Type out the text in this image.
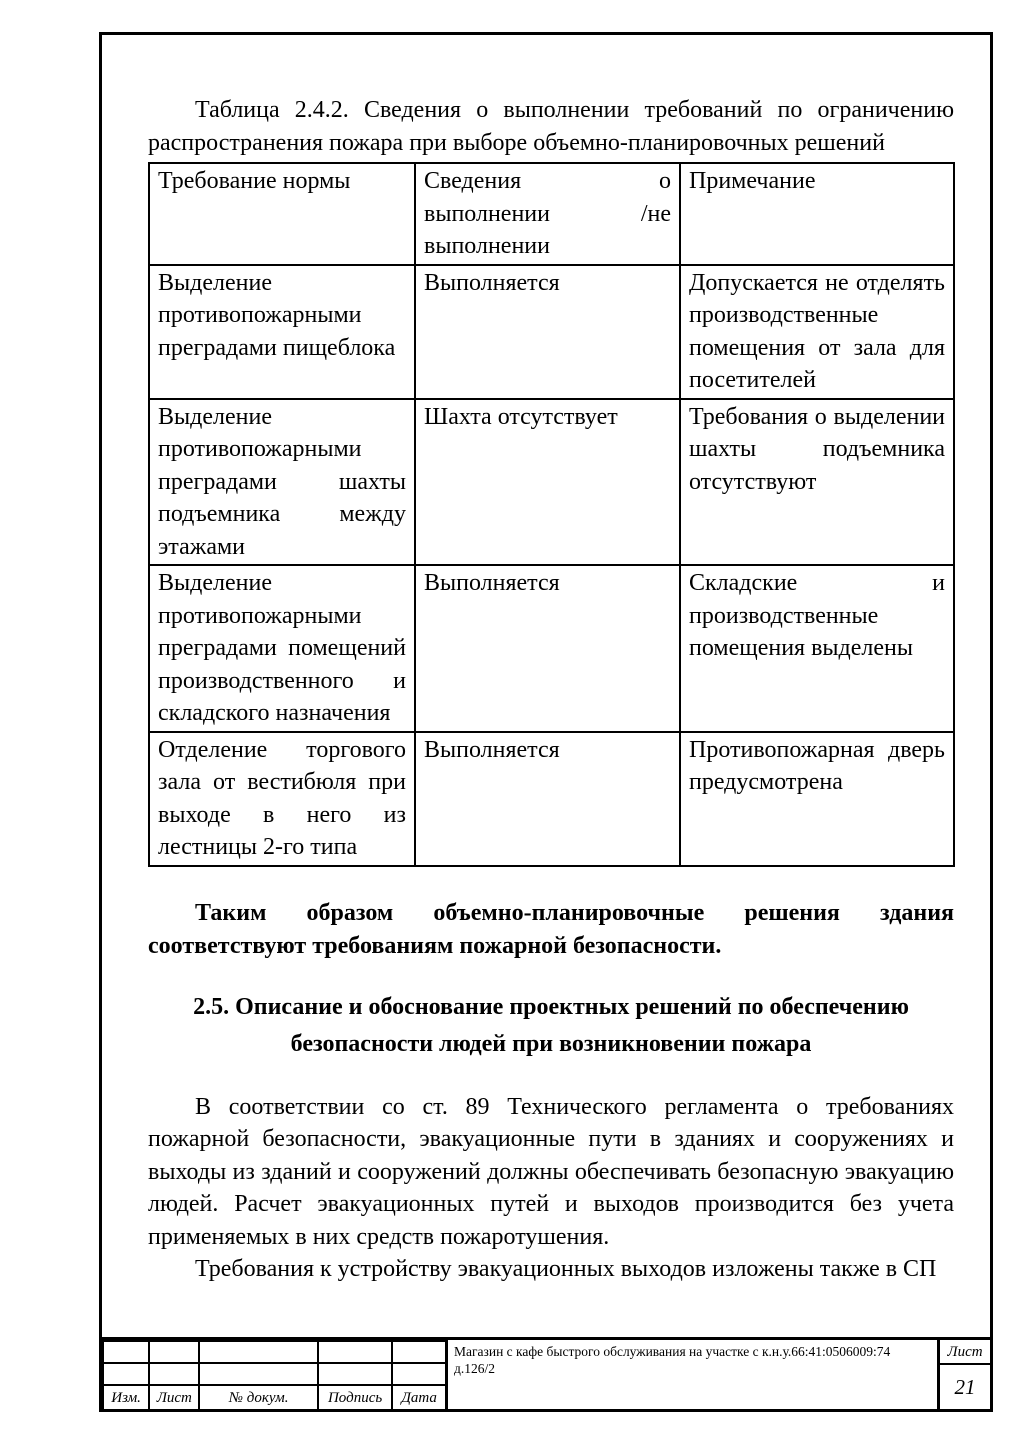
Изм.	Лист	№ докум.	Подпись	Дата
Магазин с кафе быстрого обслуживания на участке с к.н.у.66:41:0506009:74 д.126/2
Лист
21
Таблица 2.4.2. Сведения о выполнении требований по ограничению распространения пожара при выборе объемно-планировочных решений
Требование нормы	Сведения о выполнении /не выполнении	Примечание
Выделение противопожарными преградами пищеблока	Выполняется	Допускается не отделять производственные помещения от зала для посетителей
Выделение противопожарными преградами шахты подъемника между этажами	Шахта отсутствует	Требования о выделении шахты подъемника отсутствуют
Выделение противопожарными преградами помещений производственного и складского назначения	Выполняется	Складские и производственные помещения выделены
Отделение торгового зала от вестибюля при выходе в него из лестницы 2-го типа	Выполняется	Противопожарная дверь предусмотрена
Таким образом объемно-планировочные решения здания соответствуют требованиям пожарной безопасности.
2.5. Описание и обоснование проектных решений по обеспечению безопасности людей при возникновении пожара
В соответствии со ст. 89 Технического регламента о требованиях пожарной безопасности, эвакуационные пути в зданиях и сооружениях и выходы из зданий и сооружений должны обеспечивать безопасную эвакуацию людей. Расчет эвакуационных путей и выходов производится без учета применяемых в них средств пожаротушения.
Требования к устройству эвакуационных выходов изложены также в СП
